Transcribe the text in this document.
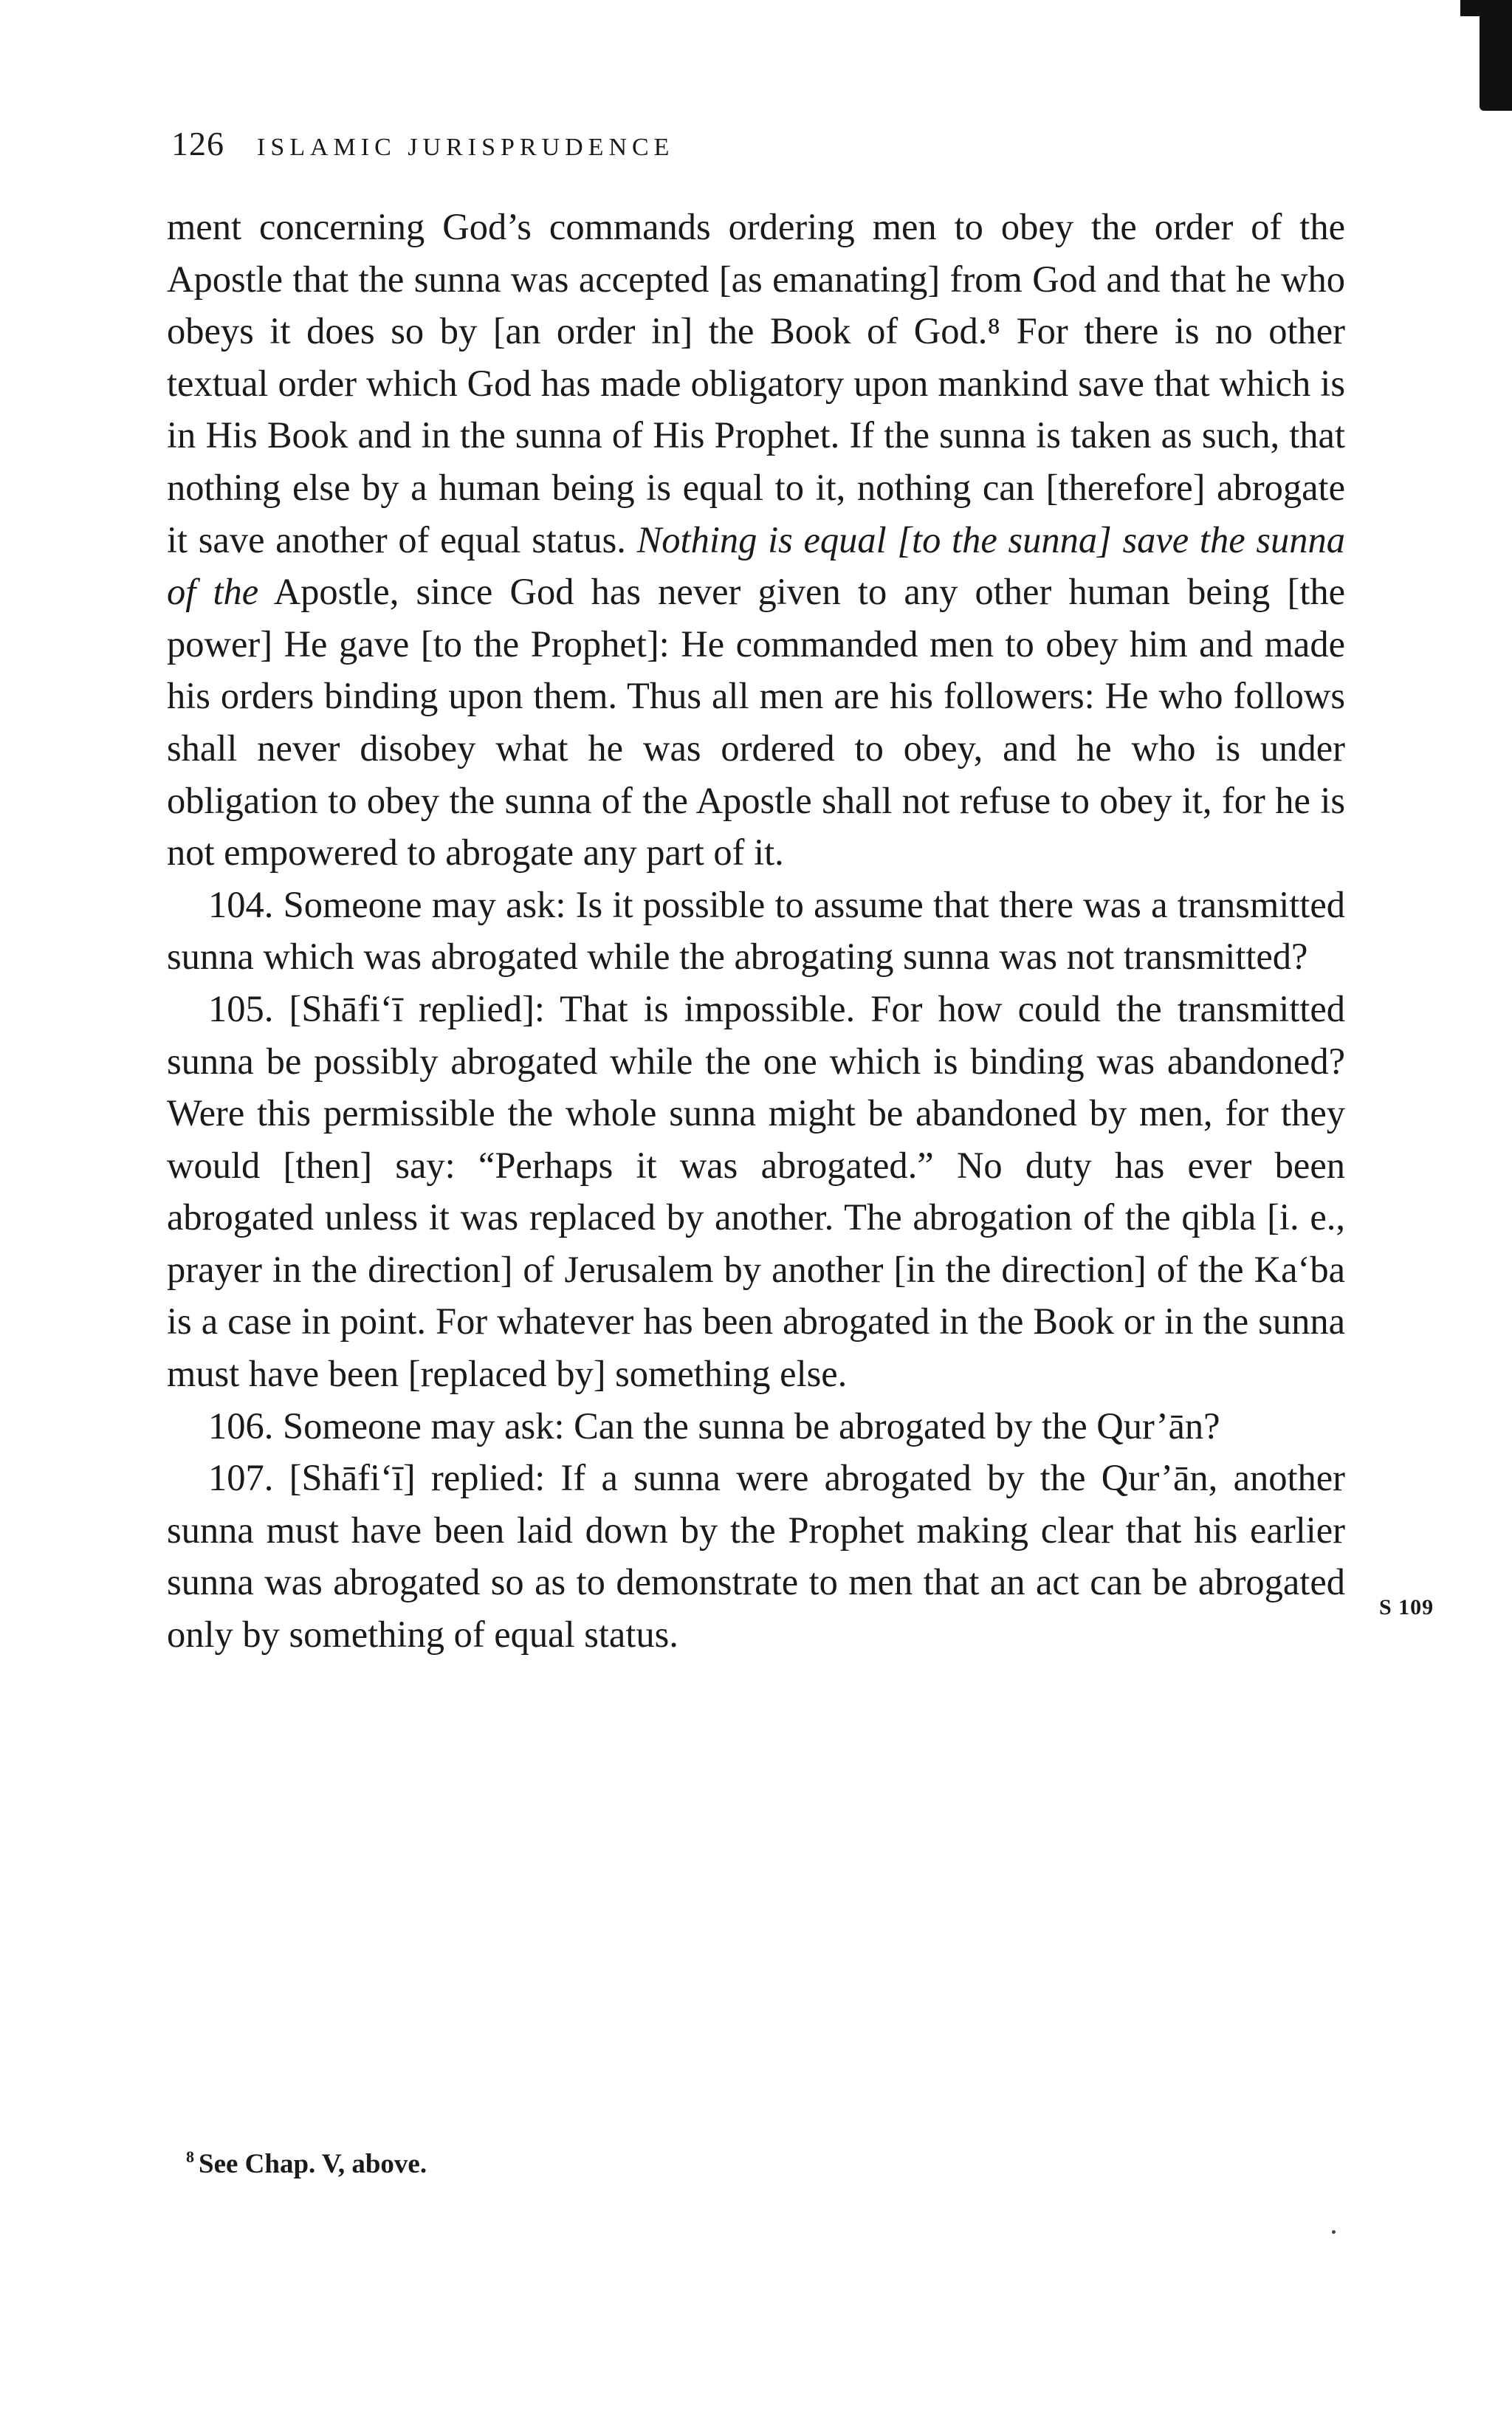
126 ISLAMIC JURISPRUDENCE

ment concerning God’s commands ordering men to obey the order of the Apostle that the sunna was accepted [as emanating] from God and that he who obeys it does so by [an order in] the Book of God.⁸ For there is no other textual order which God has made obligatory upon mankind save that which is in His Book and in the sunna of His Prophet. If the sunna is taken as such, that nothing else by a human being is equal to it, nothing can [therefore] abrogate it save another of equal status. Nothing is equal [to the sunna] save the sunna of the Apostle, since God has never given to any other human being [the power] He gave [to the Prophet]: He commanded men to obey him and made his orders binding upon them. Thus all men are his followers: He who follows shall never disobey what he was ordered to obey, and he who is under obligation to obey the sunna of the Apostle shall not refuse to obey it, for he is not empowered to abrogate any part of it.

104. Someone may ask: Is it possible to assume that there was a transmitted sunna which was abrogated while the abrogating sunna was not transmitted?

105. [Shāfi‘ī replied]: That is impossible. For how could the transmitted sunna be possibly abrogated while the one which is binding was abandoned? Were this permissible the whole sunna might be abandoned by men, for they would [then] say: “Perhaps it was abrogated.” No duty has ever been abrogated unless it was replaced by another. The abrogation of the qibla [i. e., prayer in the direction] of Jerusalem by another [in the direction] of the Ka‘ba is a case in point. For whatever has been abrogated in the Book or in the sunna must have been [replaced by] something else.

106. Someone may ask: Can the sunna be abrogated by the Qur’ān?

107. [Shāfi‘ī] replied: If a sunna were abrogated by the Qur’ān, another sunna must have been laid down by the Prophet making clear that his earlier sunna was abrogated so as to demonstrate to men that an act can be abrogated only by something of equal status.

S 109
$^8$ See Chap. V, above.
